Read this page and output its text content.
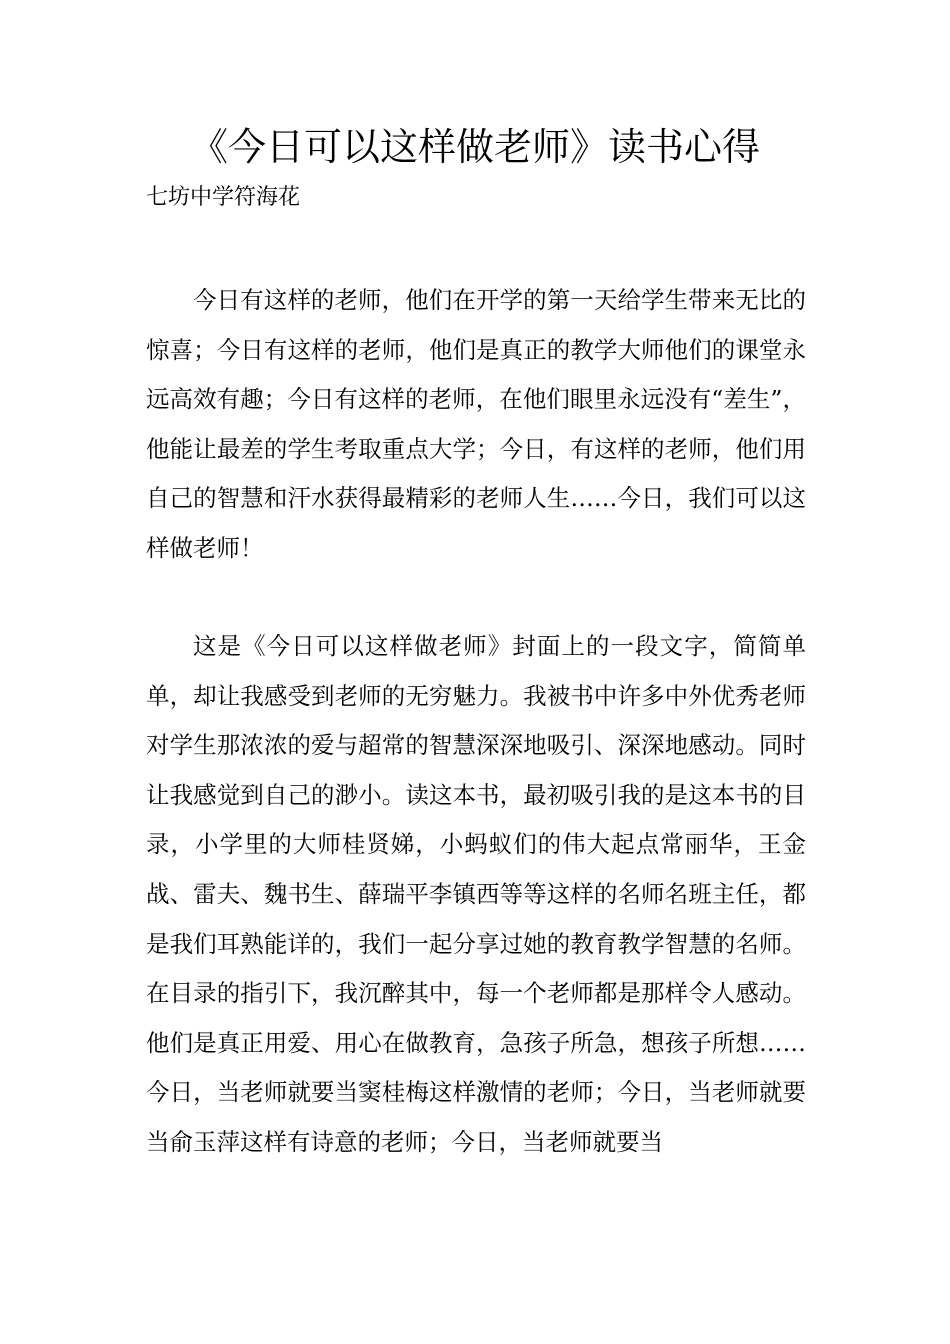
《今日可以这样做老师》读书心得
七坊中学符海花

今日有这样的老师，他们在开学的第一天给学生带来无比的惊喜；今日有这样的老师，他们是真正的教学大师他们的课堂永远高效有趣；今日有这样的老师，在他们眼里永远没有“差生”，他能让最差的学生考取重点大学；今日，有这样的老师，他们用自己的智慧和汗水获得最精彩的老师人生……今日，我们可以这样做老师！

这是《今日可以这样做老师》封面上的一段文字，简简单单，却让我感受到老师的无穷魅力。我被书中许多中外优秀老师对学生那浓浓的爱与超常的智慧深深地吸引、深深地感动。同时让我感觉到自己的渺小。读这本书，最初吸引我的是这本书的目录，小学里的大师桂贤娣，小蚂蚁们的伟大起点常丽华，王金战、雷夫、魏书生、薛瑞平李镇西等等这样的名师名班主任，都是我们耳熟能详的，我们一起分享过她的教育教学智慧的名师。在目录的指引下，我沉醉其中，每一个老师都是那样令人感动。他们是真正用爱、用心在做教育，急孩子所急，想孩子所想……今日，当老师就要当窦桂梅这样激情的老师；今日，当老师就要当俞玉萍这样有诗意的老师；今日，当老师就要当
